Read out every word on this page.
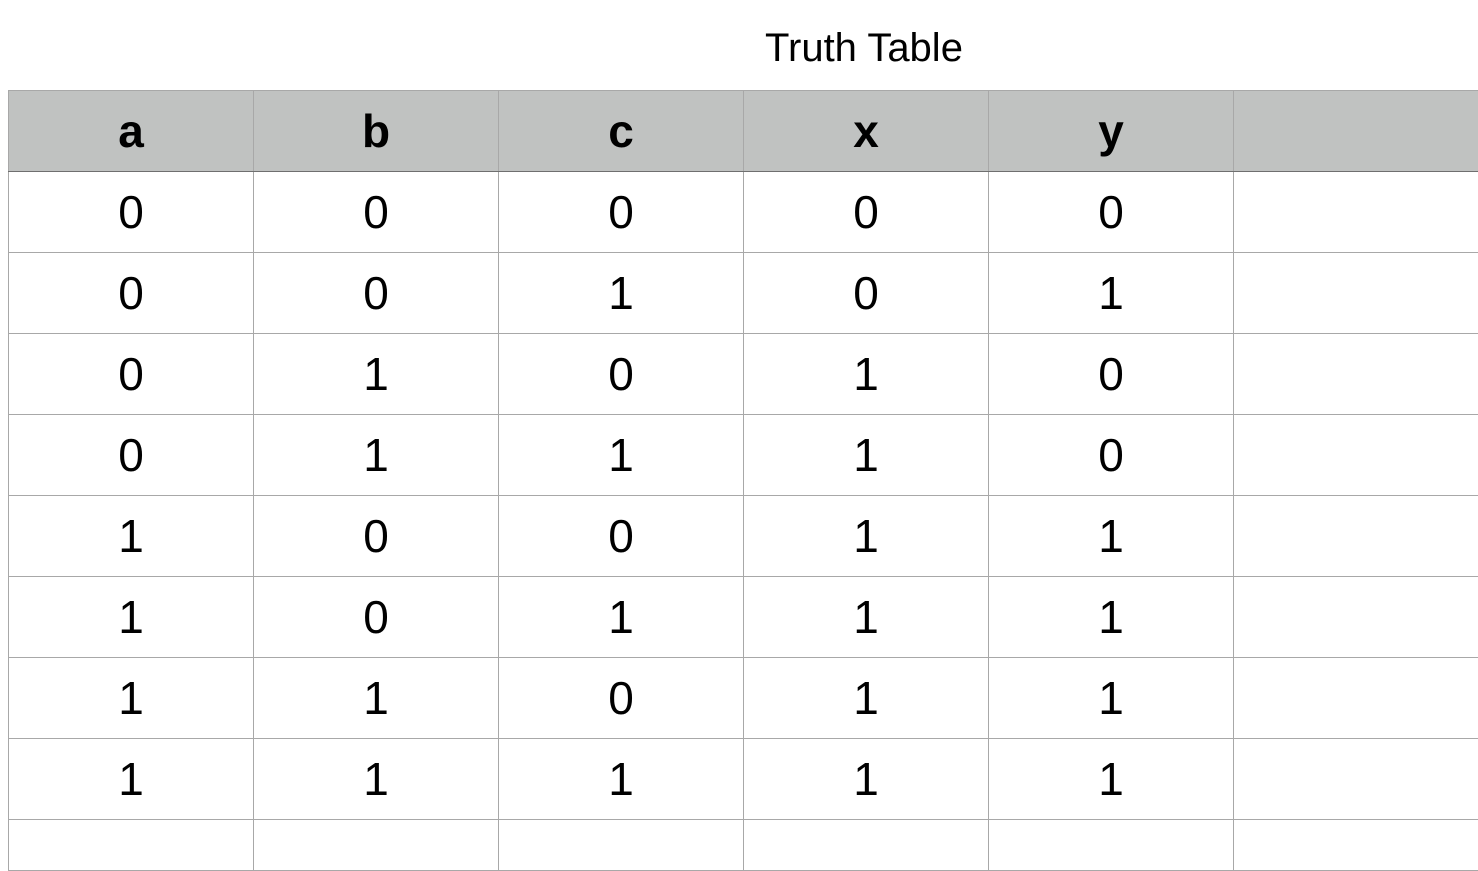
Truth Table
a	b	c	x	y	
0	0	0	0	0	
0	0	1	0	1	
0	1	0	1	0	
0	1	1	1	0	
1	0	0	1	1	
1	0	1	1	1	
1	1	0	1	1	
1	1	1	1	1	
